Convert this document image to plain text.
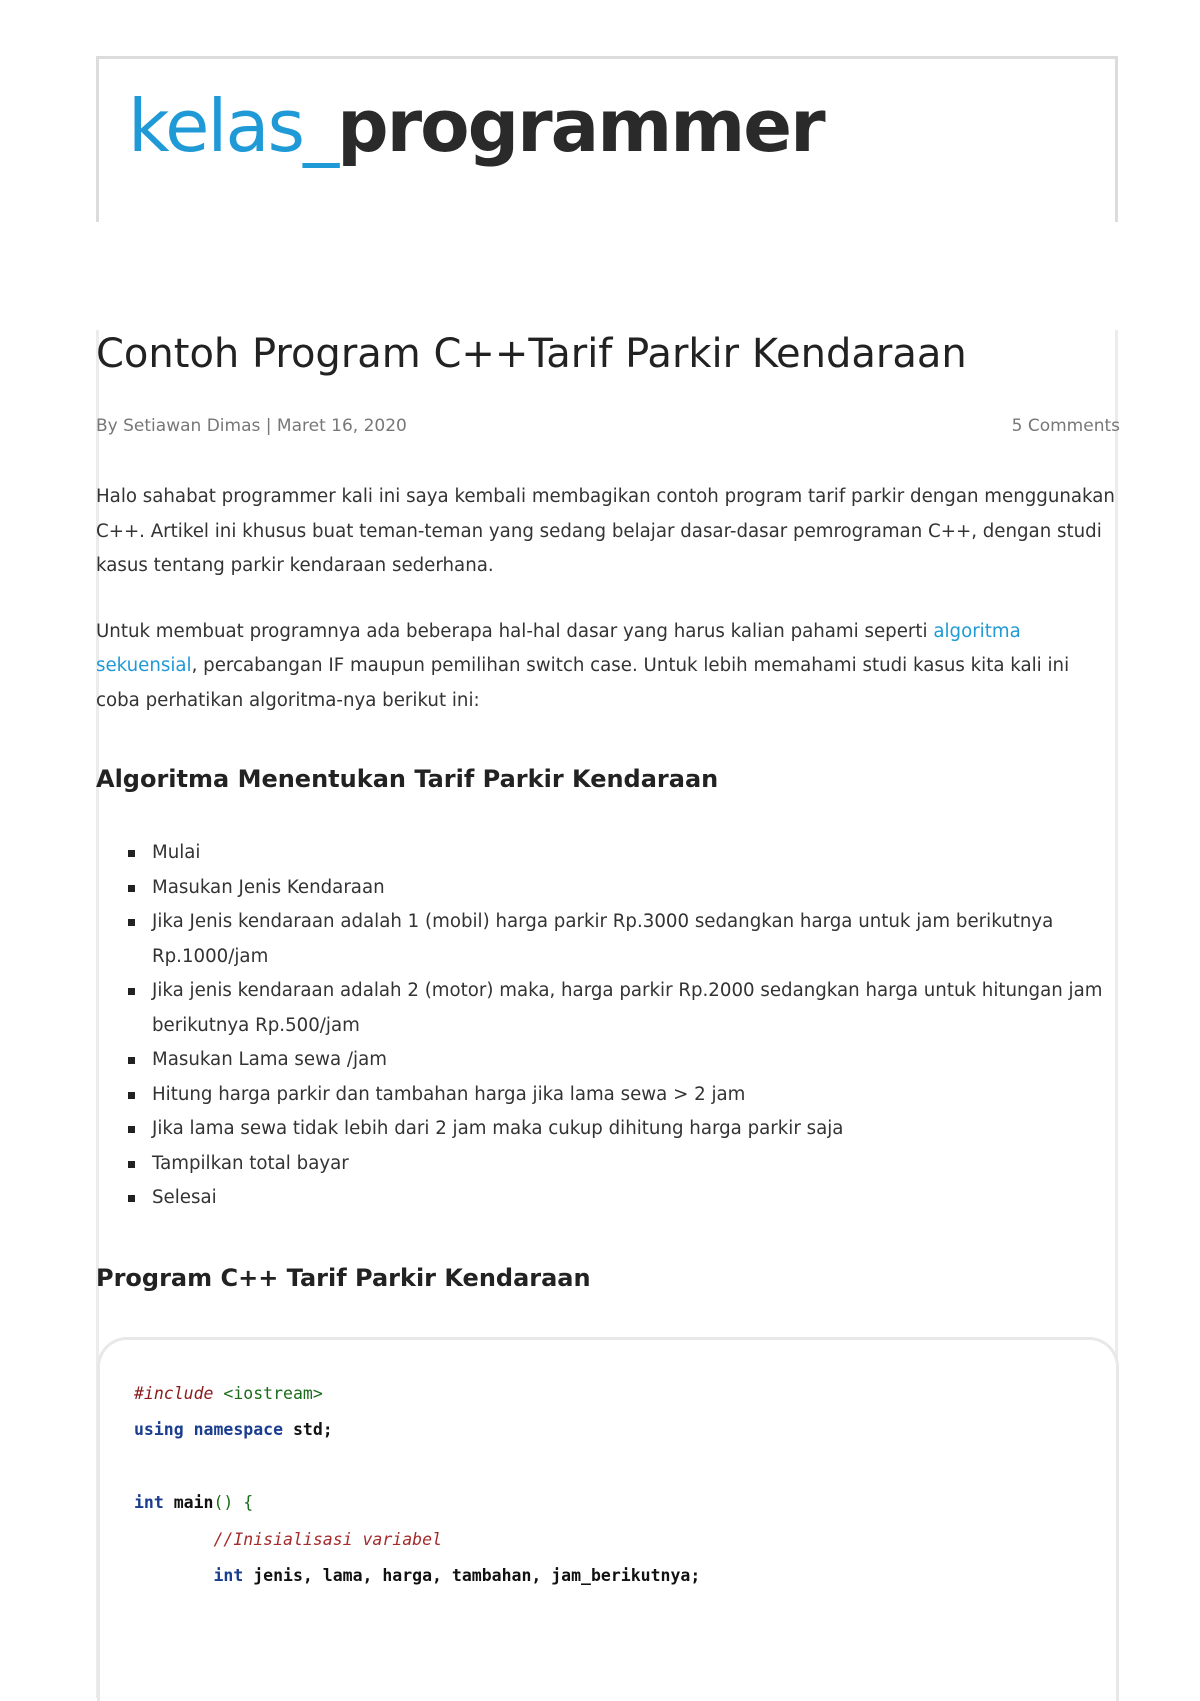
kelas_programmer
Contoh Program C++Tarif Parkir Kendaraan
By Setiawan Dimas | Maret 16, 2020	5 Comments

Halo sahabat programmer kali ini saya kembali membagikan contoh program tarif parkir dengan menggunakan C++. Artikel ini khusus buat teman-teman yang sedang belajar dasar-dasar pemrograman C++, dengan studi kasus tentang parkir kendaraan sederhana.

Untuk membuat programnya ada beberapa hal-hal dasar yang harus kalian pahami seperti algoritma sekuensial, percabangan IF maupun pemilihan switch case. Untuk lebih memahami studi kasus kita kali ini coba perhatikan algoritma-nya berikut ini:

Algoritma Menentukan Tarif Parkir Kendaraan
Mulai
Masukan Jenis Kendaraan
Jika Jenis kendaraan adalah 1 (mobil) harga parkir Rp.3000 sedangkan harga untuk jam berikutnya Rp.1000/jam
Jika jenis kendaraan adalah 2 (motor) maka, harga parkir Rp.2000 sedangkan harga untuk hitungan jam berikutnya Rp.500/jam
Masukan Lama sewa /jam
Hitung harga parkir dan tambahan harga jika lama sewa > 2 jam
Jika lama sewa tidak lebih dari 2 jam maka cukup dihitung harga parkir saja
Tampilkan total bayar
Selesai
Program C++ Tarif Parkir Kendaraan
#include <iostream>
using namespace std;

int main() {
//Inisialisasi variabel
int jenis, lama, harga, tambahan, jam_berikutnya;
